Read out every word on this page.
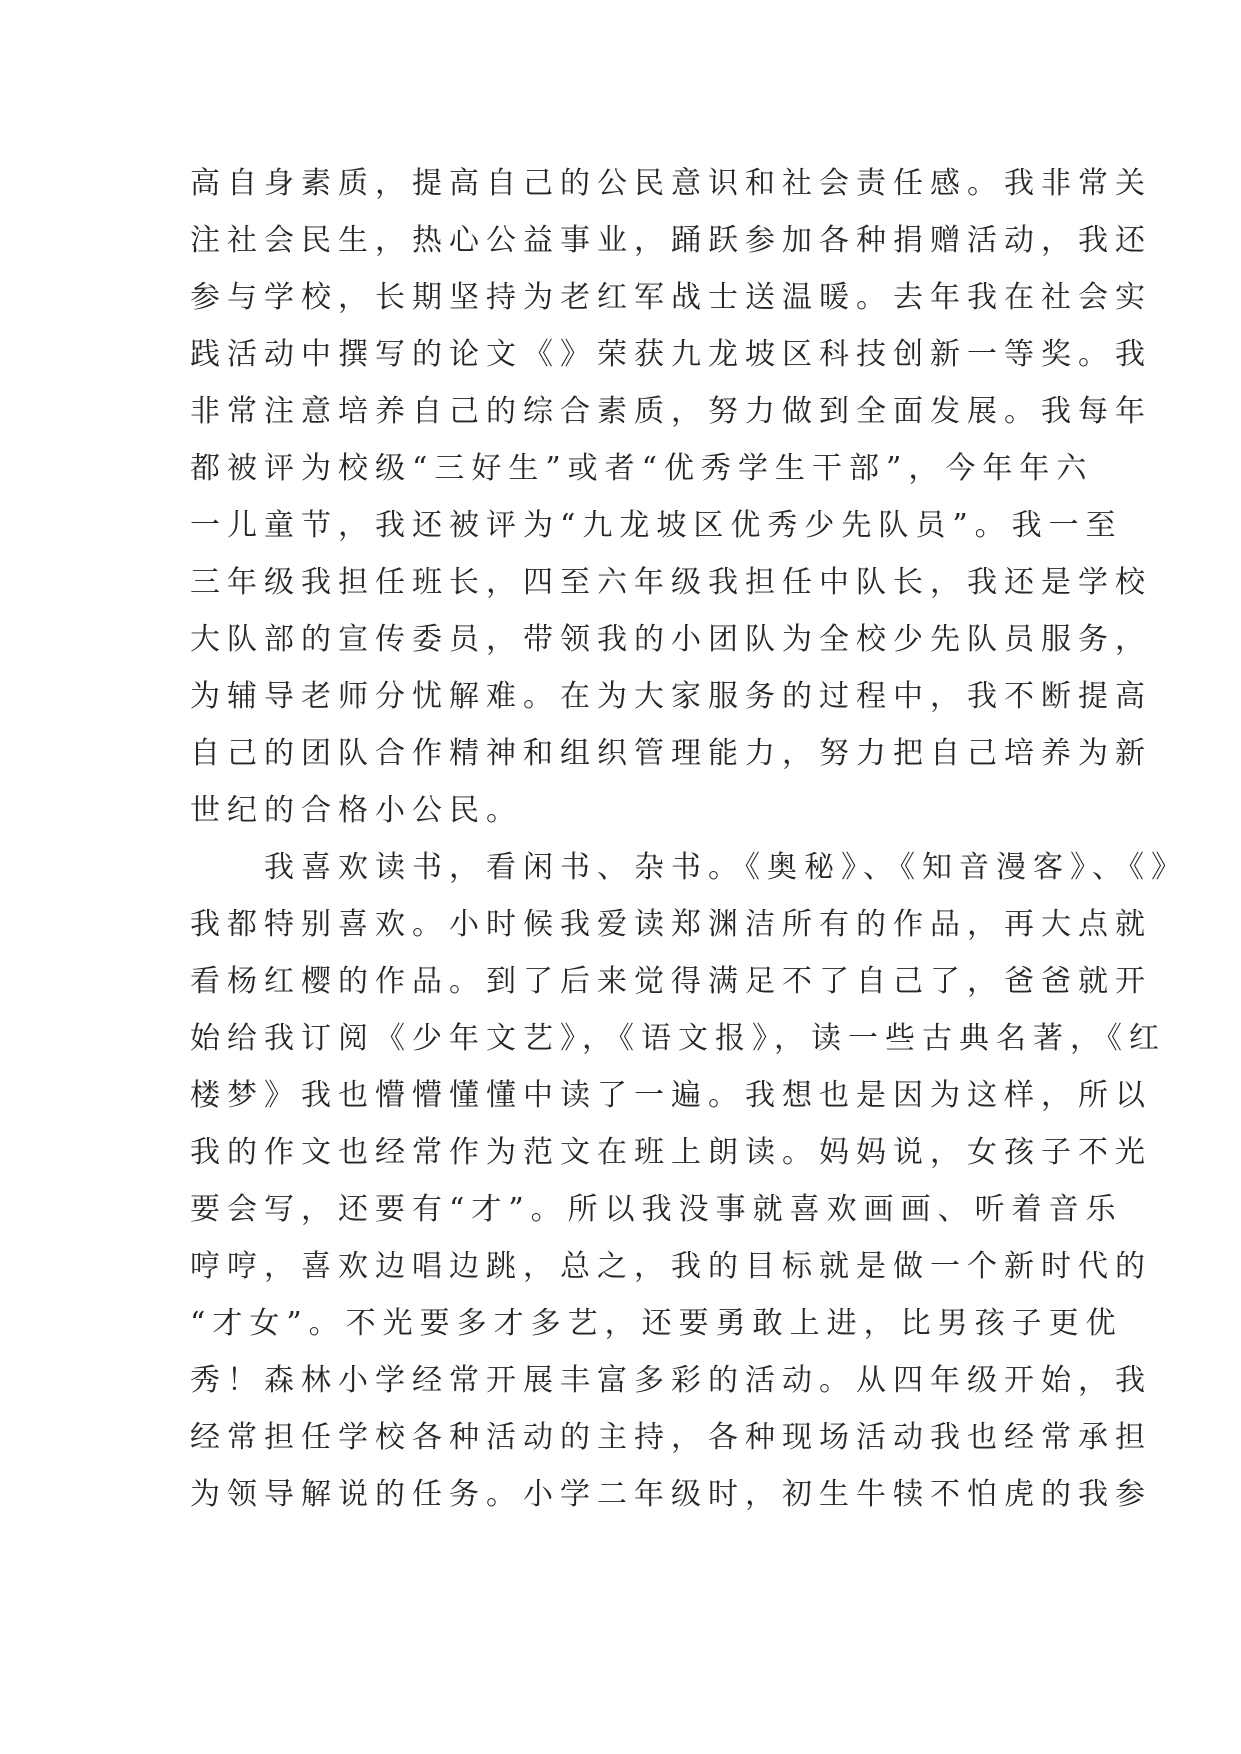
高自身素质，提高自己的公民意识和社会责任感。我非常关
注社会民生，热心公益事业，踊跃参加各种捐赠活动，我还
参与学校，长期坚持为老红军战士送温暖。去年我在社会实
践活动中撰写的论文《》荣获九龙坡区科技创新一等奖。我
非常注意培养自己的综合素质，努力做到全面发展。我每年
都被评为校级“三好生”或者“优秀学生干部”，今年年六
一儿童节，我还被评为“九龙坡区优秀少先队员”。我一至
三年级我担任班长，四至六年级我担任中队长，我还是学校
大队部的宣传委员，带领我的小团队为全校少先队员服务，
为辅导老师分忧解难。在为大家服务的过程中，我不断提高
自己的团队合作精神和组织管理能力，努力把自己培养为新
世纪的合格小公民。
我喜欢读书，看闲书、杂书。《奥秘》、《知音漫客》、《》
我都特别喜欢。小时候我爱读郑渊洁所有的作品，再大点就
看杨红樱的作品。到了后来觉得满足不了自己了，爸爸就开
始给我订阅《少年文艺》，《语文报》，读一些古典名著，《红
楼梦》我也懵懵懂懂中读了一遍。我想也是因为这样，所以
我的作文也经常作为范文在班上朗读。妈妈说，女孩子不光
要会写，还要有“才”。所以我没事就喜欢画画、听着音乐
哼哼，喜欢边唱边跳，总之，我的目标就是做一个新时代的
“才女”。不光要多才多艺，还要勇敢上进，比男孩子更优
秀！森林小学经常开展丰富多彩的活动。从四年级开始，我
经常担任学校各种活动的主持，各种现场活动我也经常承担
为领导解说的任务。小学二年级时，初生牛犊不怕虎的我参
